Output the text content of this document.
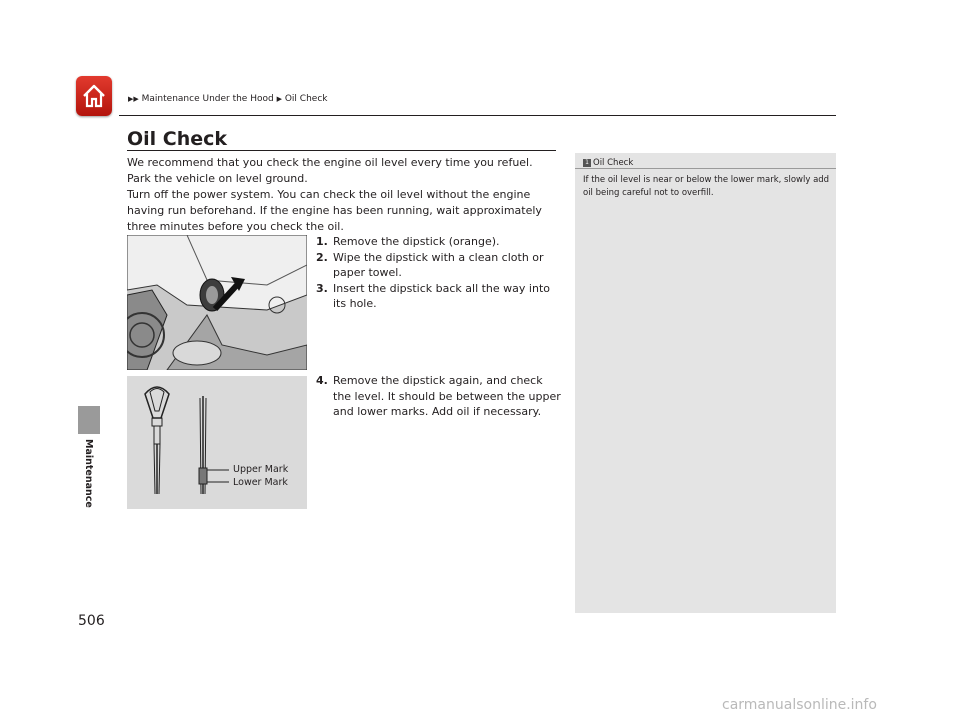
▶▶ Maintenance Under the Hood ▶ Oil Check
Maintenance
Oil Check

We recommend that you check the engine oil level every time you refuel.

Park the vehicle on level ground.

Turn off the power system. You can check the oil level without the engine having run beforehand. If the engine has been running, wait approximately three minutes before you check the oil.

1. Remove the dipstick (orange).
2. Wipe the dipstick with a clean cloth or paper towel.
3. Insert the dipstick back all the way into its hole.
Upper Mark
Lower Mark
4. Remove the dipstick again, and check the level. It should be between the upper and lower marks. Add oil if necessary.
1 Oil Check
If the oil level is near or below the lower mark, slowly add oil being careful not to overfill.
506
carmanualsonline.info
